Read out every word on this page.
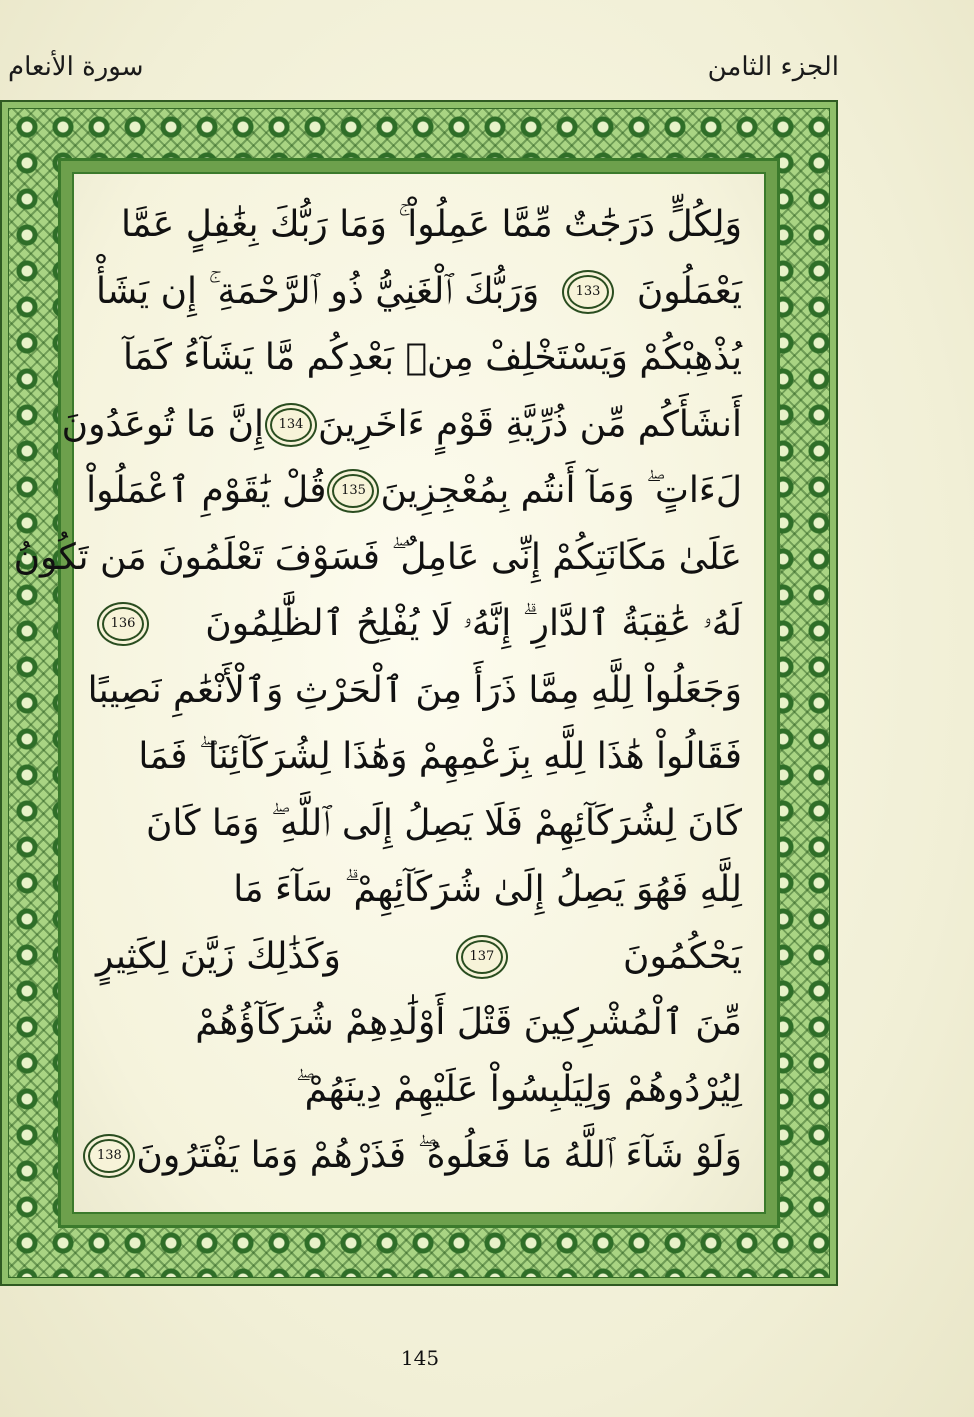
سورة الأنعام	الجزء الثامن
وَلِكُلٍّ دَرَجَٰتٌ مِّمَّا عَمِلُواْ ۚ وَمَا رَبُّكَ بِغَٰفِلٍ عَمَّا
يَعْمَلُونَ
133
وَرَبُّكَ ٱلْغَنِيُّ ذُو ٱلرَّحْمَةِ ۚ إِن يَشَأْ
يُذْهِبْكُمْ وَيَسْتَخْلِفْ مِنۢ بَعْدِكُم مَّا يَشَآءُ كَمَآ
أَنشَأَكُم مِّن ذُرِّيَّةِ قَوْمٍ ءَاخَرِينَ
134
إِنَّ مَا تُوعَدُونَ
لَءَاتٍ ۖ وَمَآ أَنتُم بِمُعْجِزِينَ
135
قُلْ يَٰقَوْمِ ٱعْمَلُواْ
عَلَىٰ مَكَانَتِكُمْ إِنِّى عَامِلٌ ۖ فَسَوْفَ تَعْلَمُونَ مَن تَكُونُ
لَهُۥ عَٰقِبَةُ ٱلدَّارِ ۗ إِنَّهُۥ لَا يُفْلِحُ ٱلظَّٰلِمُونَ
136
وَجَعَلُواْ لِلَّهِ مِمَّا ذَرَأَ مِنَ ٱلْحَرْثِ وَٱلْأَنْعَٰمِ نَصِيبًا
فَقَالُواْ هَٰذَا لِلَّهِ بِزَعْمِهِمْ وَهَٰذَا لِشُرَكَآئِنَا ۖ فَمَا
كَانَ لِشُرَكَآئِهِمْ فَلَا يَصِلُ إِلَى ٱللَّهِ ۖ وَمَا كَانَ
لِلَّهِ فَهُوَ يَصِلُ إِلَىٰ شُرَكَآئِهِمْ ۗ سَآءَ مَا
يَحْكُمُونَ
137
وَكَذَٰلِكَ زَيَّنَ لِكَثِيرٍ
مِّنَ ٱلْمُشْرِكِينَ قَتْلَ أَوْلَٰدِهِمْ شُرَكَآؤُهُمْ
لِيُرْدُوهُمْ وَلِيَلْبِسُواْ عَلَيْهِمْ دِينَهُمْ ۖ
وَلَوْ شَآءَ ٱللَّهُ مَا فَعَلُوهُ ۖ فَذَرْهُمْ وَمَا يَفْتَرُونَ
138
145
